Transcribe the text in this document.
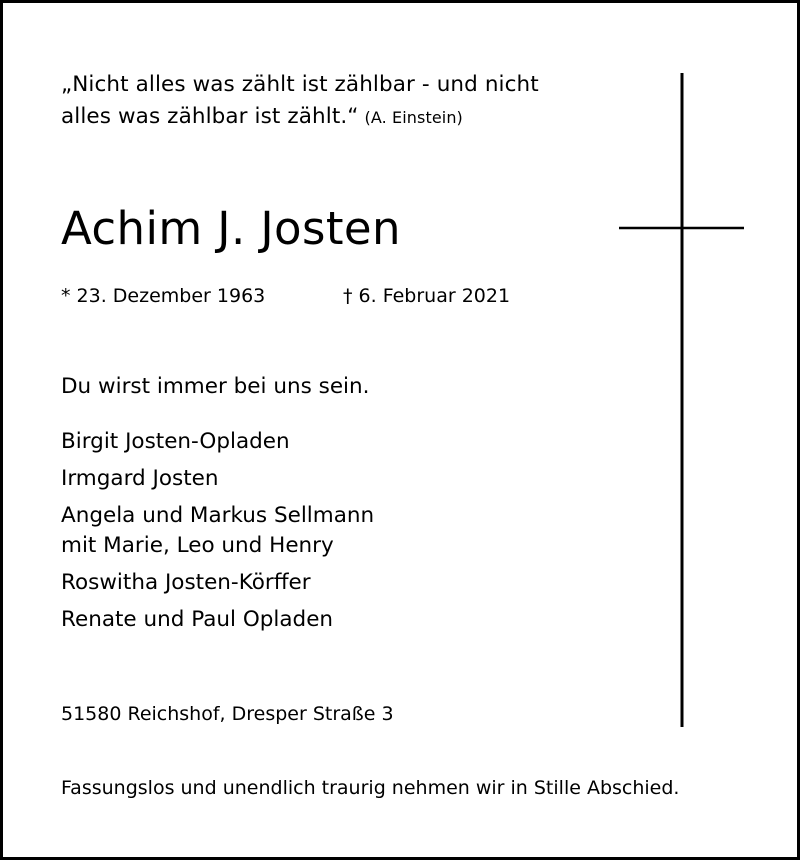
„Nicht alles was zählt ist zählbar - und nicht
alles was zählbar ist zählt.“ (A. Einstein)
Achim J. Josten
* 23. Dezember 1963	† 6. Februar 2021
Du wirst immer bei uns sein.
Birgit Josten-Opladen
Irmgard Josten
Angela und Markus Sellmann
mit Marie, Leo und Henry
Roswitha Josten-Körffer
Renate und Paul Opladen
51580 Reichshof, Dresper Straße 3
Fassungslos und unendlich traurig nehmen wir in Stille Abschied.
